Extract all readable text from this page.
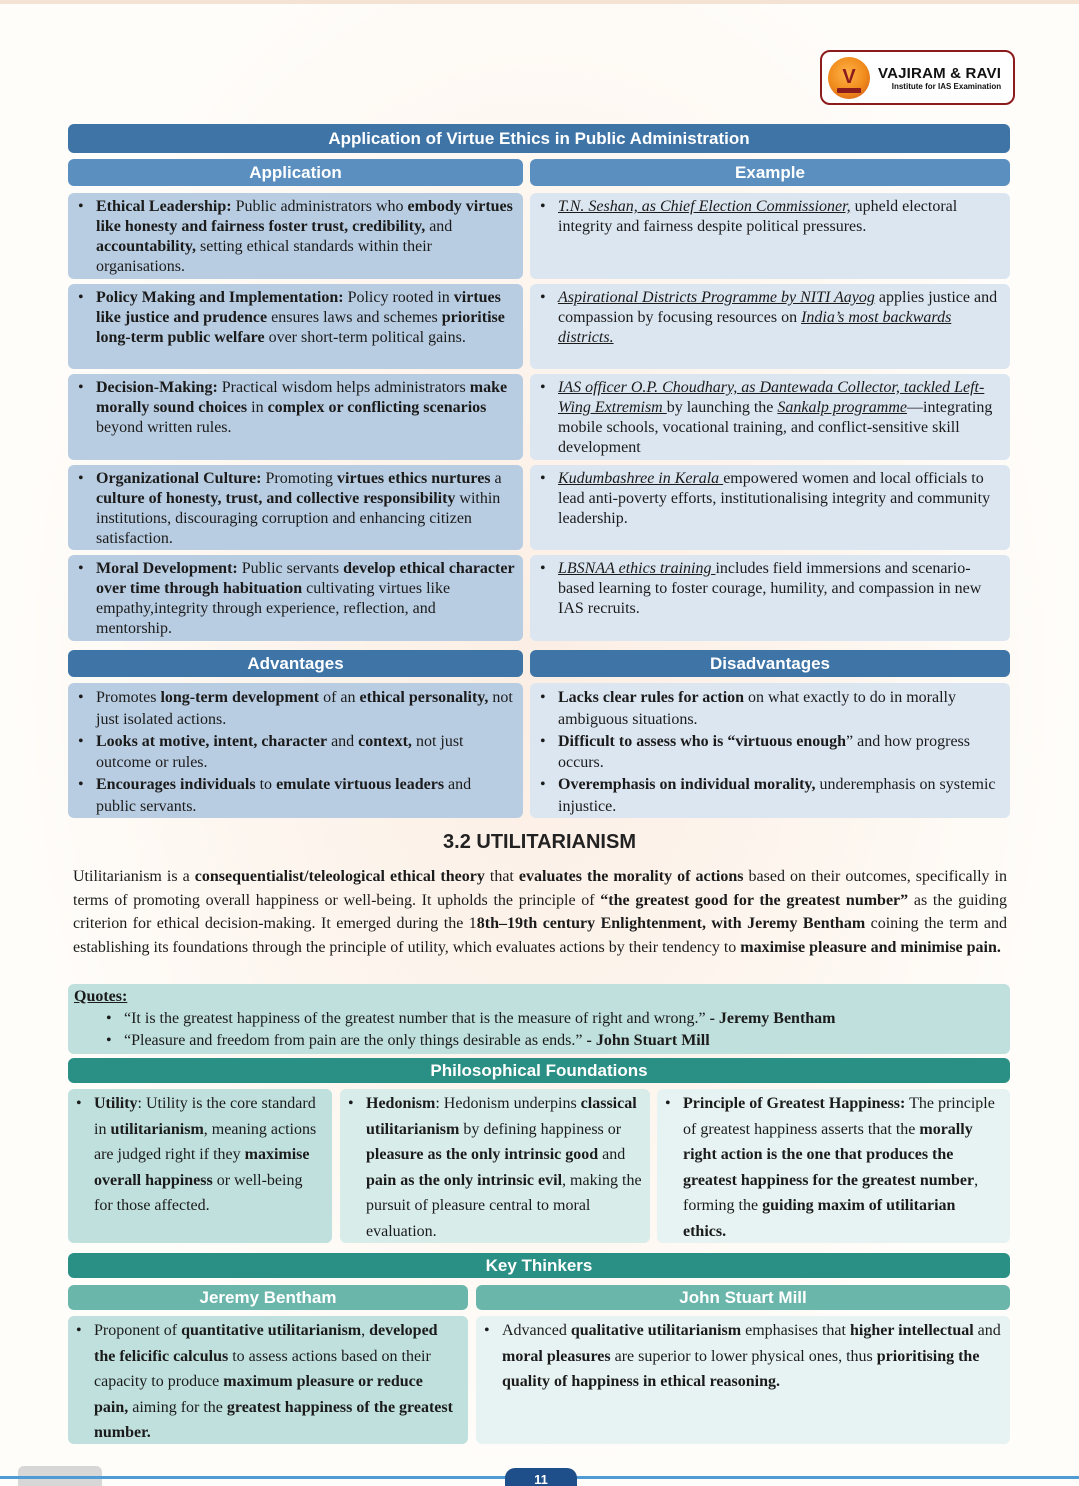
V	VAJIRAM & RAVI
Institute for IAS Examination
Application of Virtue Ethics in Public Administration
Application	Example
• Ethical Leadership: Public administrators who embody virtues like honesty and fairness foster trust, credibility, and accountability, setting ethical standards within their organisations.
• T.N. Seshan, as Chief Election Commissioner, upheld electoral integrity and fairness despite political pressures.
• Policy Making and Implementation: Policy rooted in virtues like justice and prudence ensures laws and schemes prioritise long-term public welfare over short-term political gains.
• Aspirational Districts Programme by NITI Aayog applies justice and compassion by focusing resources on India’s most backwards districts.
• Decision-Making: Practical wisdom helps administrators make morally sound choices in complex or conflicting scenarios beyond written rules.
• IAS officer O.P. Choudhary, as Dantewada Collector, tackled Left-Wing Extremism by launching the Sankalp programme—integrating mobile schools, vocational training, and conflict-sensitive skill development
• Organizational Culture: Promoting virtues ethics nurtures a culture of honesty, trust, and collective responsibility within institutions, discouraging corruption and enhancing citizen satisfaction.
• Kudumbashree in Kerala empowered women and local officials to lead anti-poverty efforts, institutionalising integrity and community leadership.
• Moral Development: Public servants develop ethical character over time through habituation cultivating virtues like empathy,integrity through experience, reflection, and mentorship.
• LBSNAA ethics training includes field immersions and scenario-based learning to foster courage, humility, and compassion in new IAS recruits.
Advantages	Disadvantages
• Promotes long-term development of an ethical personality, not just isolated actions.
• Looks at motive, intent, character and context, not just outcome or rules.
• Encourages individuals to emulate virtuous leaders and public servants.
• Lacks clear rules for action on what exactly to do in morally ambiguous situations.
• Difficult to assess who is “virtuous enough” and how progress occurs.
• Overemphasis on individual morality, underemphasis on systemic injustice.
3.2 UTILITARIANISM
Utilitarianism is a consequentialist/teleological ethical theory that evaluates the morality of actions based on their outcomes, specifically in terms of promoting overall happiness or well-being. It upholds the principle of “the greatest good for the greatest number” as the guiding criterion for ethical decision-making. It emerged during the 18th–19th century Enlightenment, with Jeremy Bentham coining the term and establishing its foundations through the principle of utility, which evaluates actions by their tendency to maximise pleasure and minimise pain.
Quotes:
• “It is the greatest happiness of the greatest number that is the measure of right and wrong.” - Jeremy Bentham
• “Pleasure and freedom from pain are the only things desirable as ends.” - John Stuart Mill
Philosophical Foundations
• Utility: Utility is the core standard in utilitarianism, meaning actions are judged right if they maximise overall happiness or well-being for those affected.
• Hedonism: Hedonism underpins classical utilitarianism by defining happiness or pleasure as the only intrinsic good and pain as the only intrinsic evil, making the pursuit of pleasure central to moral evaluation.
• Principle of Greatest Happiness: The principle of greatest happiness asserts that the morally right action is the one that produces the greatest happiness for the greatest number, forming the guiding maxim of utilitarian ethics.
Key Thinkers
Jeremy Bentham	John Stuart Mill
• Proponent of quantitative utilitarianism, developed the felicific calculus to assess actions based on their capacity to produce maximum pleasure or reduce pain, aiming for the greatest happiness of the greatest number.
• Advanced qualitative utilitarianism emphasises that higher intellectual and moral pleasures are superior to lower physical ones, thus prioritising the quality of happiness in ethical reasoning.
11
